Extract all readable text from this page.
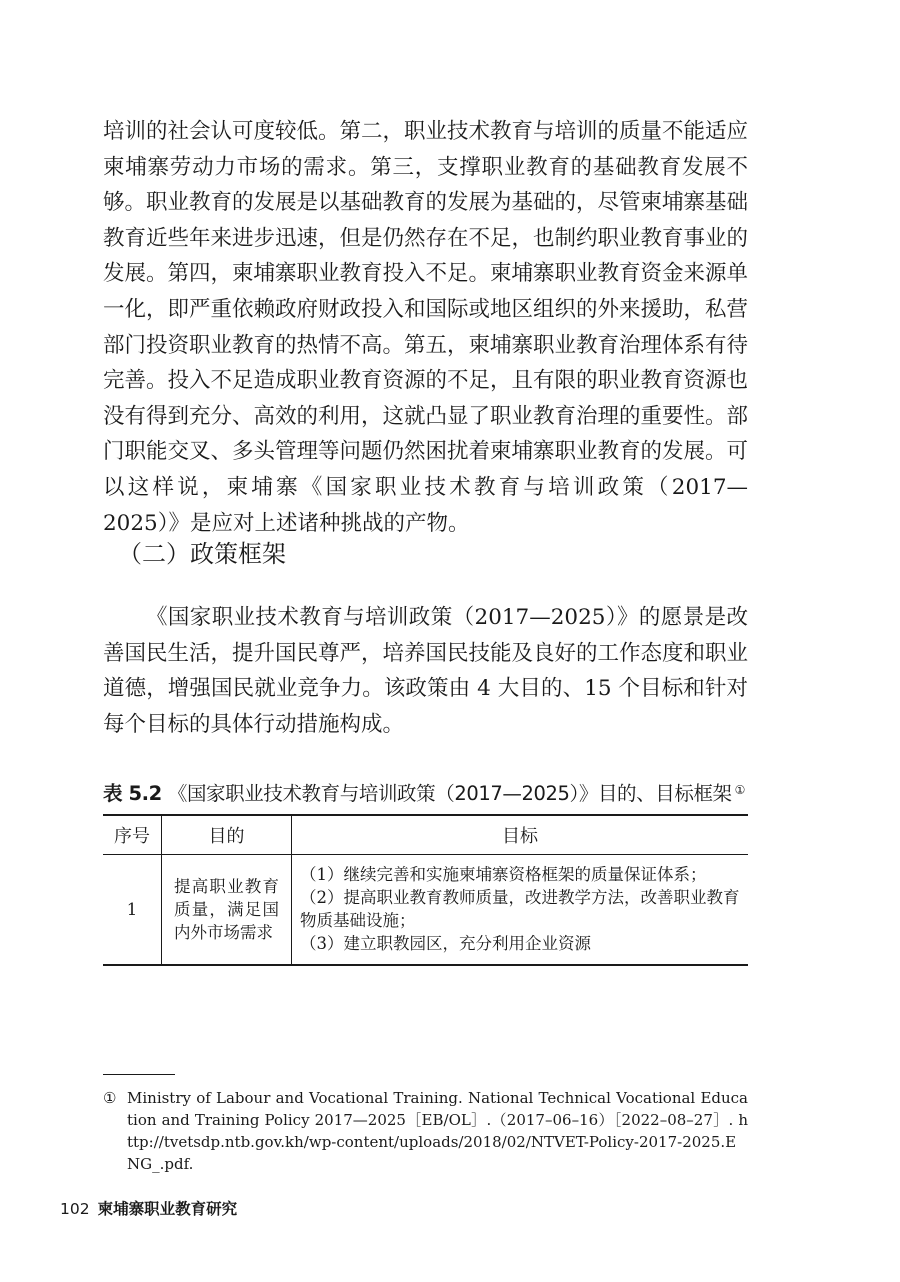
培训的社会认可度较低。第二，职业技术教育与培训的质量不能适应柬埔寨劳动力市场的需求。第三，支撑职业教育的基础教育发展不够。职业教育的发展是以基础教育的发展为基础的，尽管柬埔寨基础教育近些年来进步迅速，但是仍然存在不足，也制约职业教育事业的发展。第四，柬埔寨职业教育投入不足。柬埔寨职业教育资金来源单一化，即严重依赖政府财政投入和国际或地区组织的外来援助，私营部门投资职业教育的热情不高。第五，柬埔寨职业教育治理体系有待完善。投入不足造成职业教育资源的不足，且有限的职业教育资源也没有得到充分、高效的利用，这就凸显了职业教育治理的重要性。部门职能交叉、多头管理等问题仍然困扰着柬埔寨职业教育的发展。可以这样说，柬埔寨《国家职业技术教育与培训政策（2017—2025）》是应对上述诸种挑战的产物。

（二）政策框架

《国家职业技术教育与培训政策（2017—2025）》的愿景是改善国民生活，提升国民尊严，培养国民技能及良好的工作态度和职业道德，增强国民就业竞争力。该政策由 4 大目的、15 个目标和针对每个目标的具体行动措施构成。

表 5.2 《国家职业技术教育与培训政策（2017—2025）》目的、目标框架 ①

序号	目的	目标
1	提高职业教育质量，满足国内外市场需求	（1）继续完善和实施柬埔寨资格框架的质量保证体系；
（2）提高职业教育教师质量，改进教学方法，改善职业教育物质基础设施；
（3）建立职教园区，充分利用企业资源

① Ministry of Labour and Vocational Training. National Technical Vocational Education and Training Policy 2017—2025［EB/OL］.（2017–06–16）［2022–08–27］. http://tvetsdp.ntb.gov.kh/wp-content/uploads/2018/02/NTVET-Policy-2017-2025.ENG_.pdf.

102 柬埔寨职业教育研究
